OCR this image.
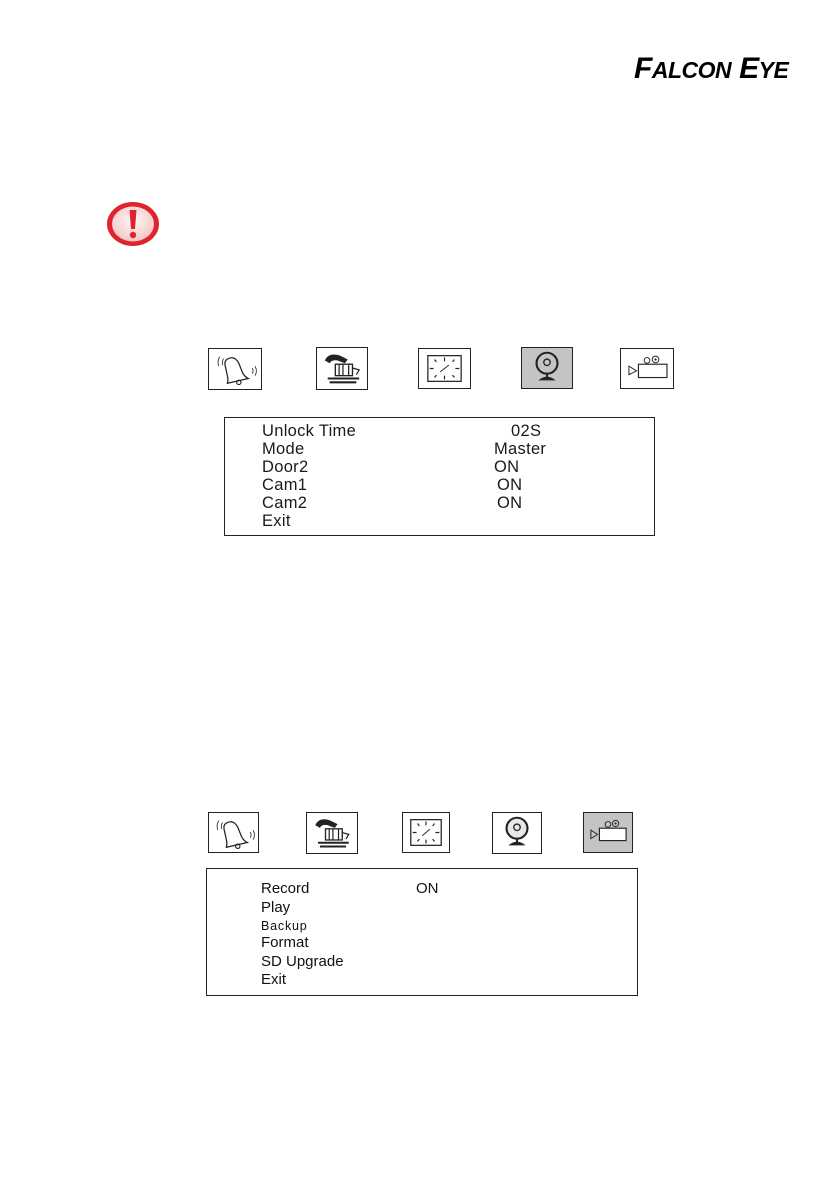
FALCON EYE
Unlock Time	02S
Mode	Master
Door2	ON
Cam1	ON
Cam2	ON
Exit
Record	ON
Play
Backup
Format
SD Upgrade
Exit
